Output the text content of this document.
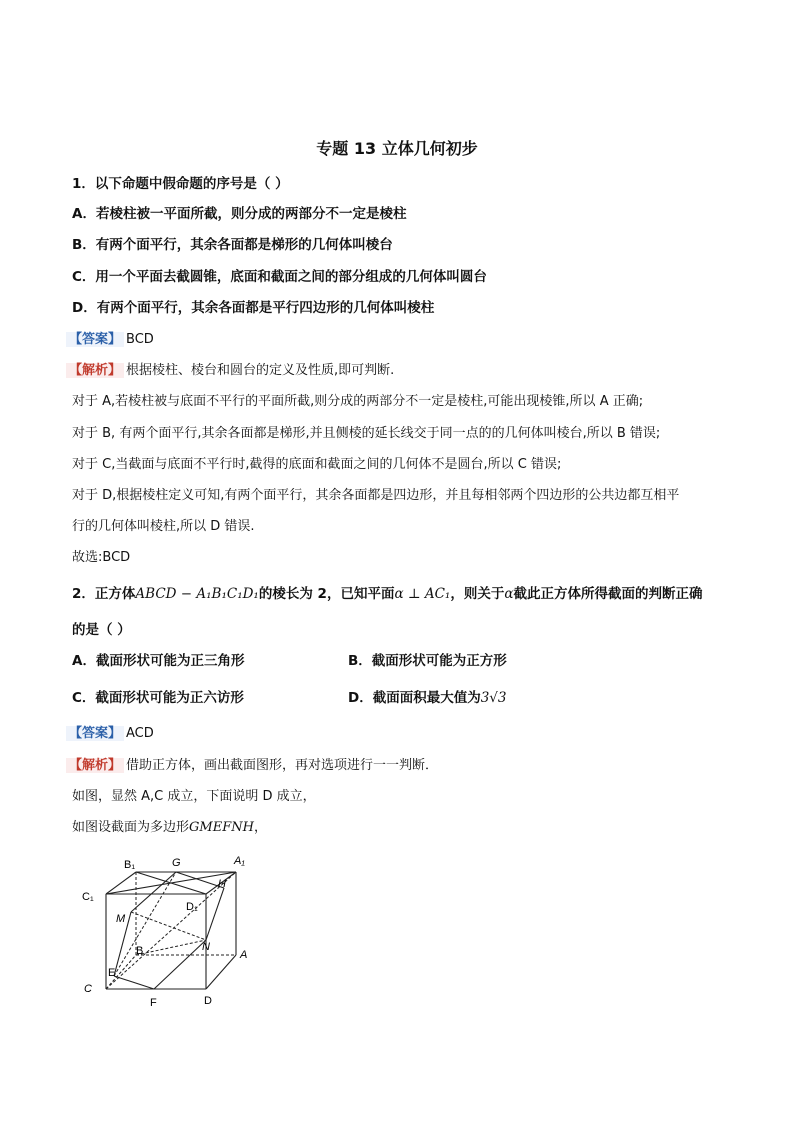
专题 13 立体几何初步
1．以下命题中假命题的序号是（ ）
A．若棱柱被一平面所截，则分成的两部分不一定是棱柱
B．有两个面平行，其余各面都是梯形的几何体叫棱台
C．用一个平面去截圆锥，底面和截面之间的部分组成的几何体叫圆台
D．有两个面平行，其余各面都是平行四边形的几何体叫棱柱
【答案】 BCD
【解析】 根据棱柱、棱台和圆台的定义及性质,即可判断.
对于 A,若棱柱被与底面不平行的平面所截,则分成的两部分不一定是棱柱,可能出现棱锥,所以 A 正确;
对于 B, 有两个面平行,其余各面都是梯形,并且侧棱的延长线交于同一点的的几何体叫棱台,所以 B 错误;
对于 C,当截面与底面不平行时,截得的底面和截面之间的几何体不是圆台,所以 C 错误;
对于 D,根据棱柱定义可知,有两个面平行，其余各面都是四边形，并且每相邻两个四边形的公共边都互相平
行的几何体叫棱柱,所以 D 错误.
故选:BCD
2．正方体ABCD − A₁B₁C₁D₁的棱长为 2，已知平面α ⊥ AC₁，则关于α截此正方体所得截面的判断正确
的是（ ）
A．截面形状可能为正三角形	B．截面形状可能为正方形
C．截面形状可能为正六访形	D．截面面积最大值为3√3
【答案】 ACD
【解析】 借助正方体，画出截面图形，再对选项进行一一判断．
如图，显然 A,C 成立，下面说明 D 成立，
如图设截面为多边形GMEFNH，
B₁	G	A₁
H
C₁
D₁
M
B	N
A
E
C
F	D
